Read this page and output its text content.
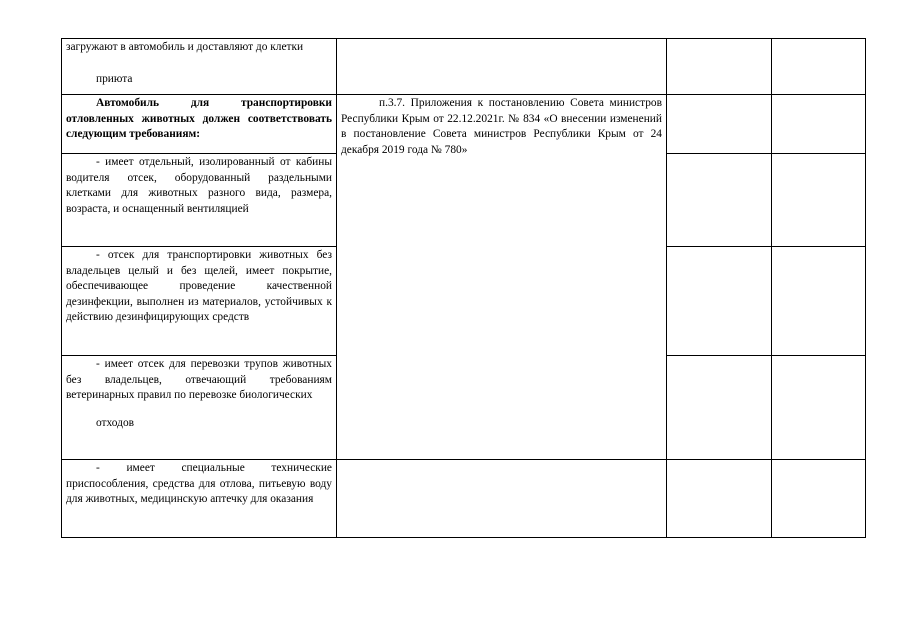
загружают в автомобиль и доставляют до клетки
приюта			

Автомобиль для транспортировки отловленных животных должен соответствовать следующим требованиям:	п.3.7. Приложения к постановлению Совета министров Республики Крым от 22.12.2021г. № 834 «О внесении изменений в постановление Совета министров Республики Крым от 24 декабря 2019 года № 780»		

- имеет отдельный, изолированный от кабины водителя отсек, оборудованный раздельными клетками для животных разного вида, размера, возраста, и оснащенный вентиляцией			

- отсек для транспортировки животных без владельцев целый и без щелей, имеет покрытие, обеспечивающее проведение качественной дезинфекции, выполнен из материалов, устойчивых к действию дезинфицирующих средств			

- имеет отсек для перевозки трупов животных без владельцев, отвечающий требованиям ветеринарных правил по перевозке биологических
отходов			

- имеет специальные технические приспособления, средства для отлова, питьевую воду для животных, медицинскую аптечку для оказания			
